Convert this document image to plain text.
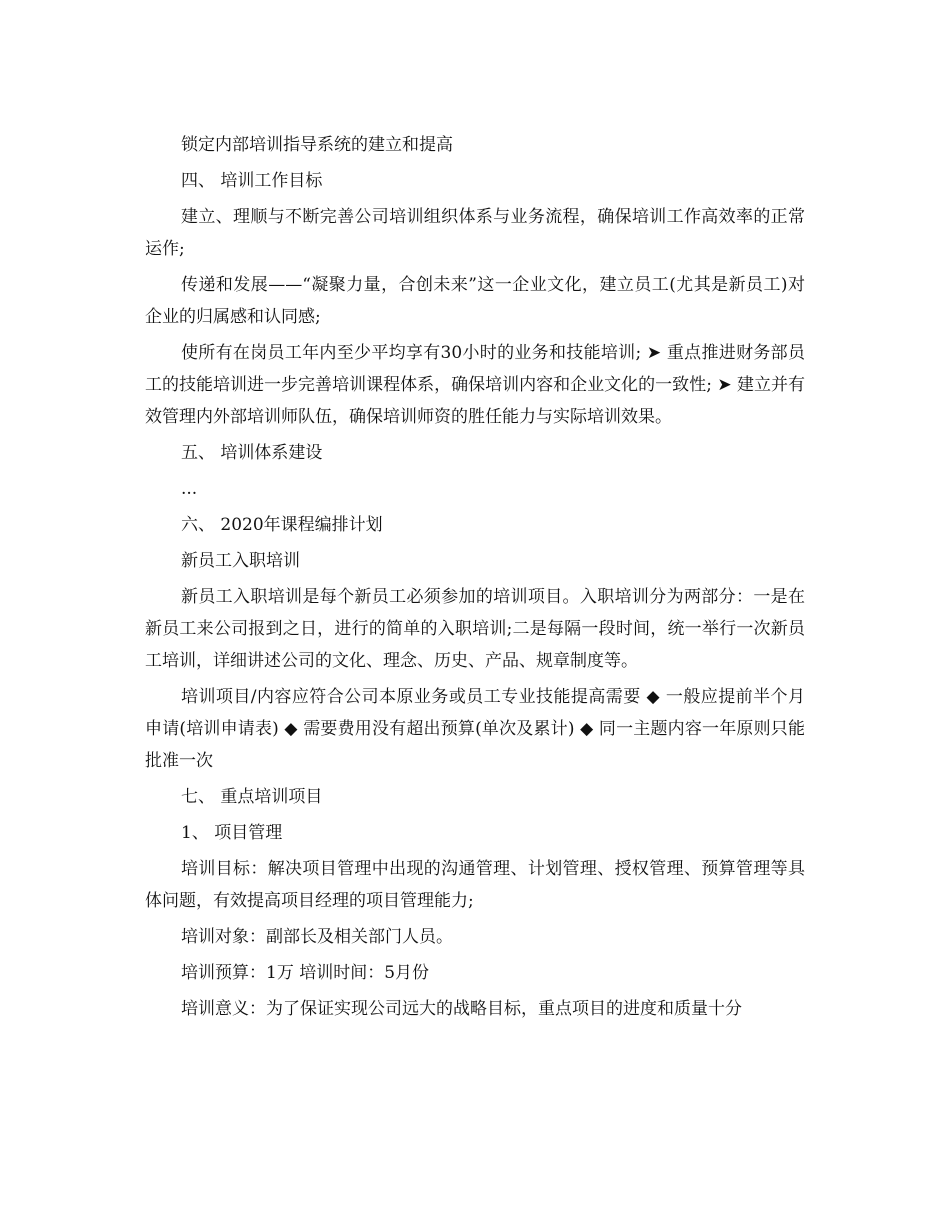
锁定内部培训指导系统的建立和提高

四、 培训工作目标

建立、理顺与不断完善公司培训组织体系与业务流程，确保培训工作高效率的正常运作;

传递和发展——“凝聚力量，合创未来”这一企业文化，建立员工(尤其是新员工)对企业的归属感和认同感;

使所有在岗员工年内至少平均享有30小时的业务和技能培训; ➤ 重点推进财务部员工的技能培训进一步完善培训课程体系，确保培训内容和企业文化的一致性; ➤ 建立并有效管理内外部培训师队伍，确保培训师资的胜任能力与实际培训效果。

五、 培训体系建设

...

六、 2020年课程编排计划

新员工入职培训

新员工入职培训是每个新员工必须参加的培训项目。入职培训分为两部分：一是在新员工来公司报到之日，进行的简单的入职培训;二是每隔一段时间，统一举行一次新员工培训，详细讲述公司的文化、理念、历史、产品、规章制度等。

培训项目/内容应符合公司本原业务或员工专业技能提高需要 ◆ 一般应提前半个月申请(培训申请表) ◆ 需要费用没有超出预算(单次及累计) ◆ 同一主题内容一年原则只能批准一次

七、 重点培训项目

1、 项目管理

培训目标：解决项目管理中出现的沟通管理、计划管理、授权管理、预算管理等具体问题，有效提高项目经理的项目管理能力;

培训对象：副部长及相关部门人员。

培训预算：1万 培训时间：5月份

培训意义：为了保证实现公司远大的战略目标，重点项目的进度和质量十分
